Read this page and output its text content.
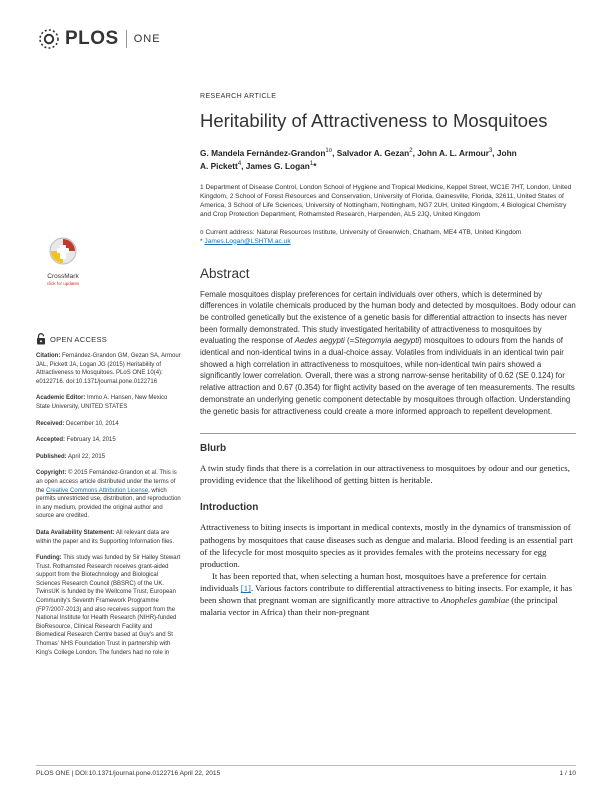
PLOS ONE
CrossMark
click for updates
OPEN ACCESS

Citation: Fernández-Grandon GM, Gezan SA, Armour JAL, Pickett JA, Logan JG (2015) Heritability of Attractiveness to Mosquitoes. PLoS ONE 10(4): e0122716. doi:10.1371/journal.pone.0122716

Academic Editor: Immo A. Hansen, New Mexico State University, UNITED STATES

Received: December 10, 2014

Accepted: February 14, 2015

Published: April 22, 2015

Copyright: © 2015 Fernández-Grandon et al. This is an open access article distributed under the terms of the Creative Commons Attribution License, which permits unrestricted use, distribution, and reproduction in any medium, provided the original author and source are credited.

Data Availability Statement: All relevant data are within the paper and its Supporting Information files.

Funding: This study was funded by Sir Halley Stewart Trust. Rothamsted Research receives grant-aided support from the Biotechnology and Biological Sciences Research Council (BBSRC) of the UK. TwinsUK is funded by the Wellcome Trust, European Community's Seventh Framework Programme (FP7/2007-2013) and also receives support from the National Institute for Health Research (NIHR)-funded BioResource, Clinical Research Facility and Biomedical Research Centre based at Guy's and St Thomas' NHS Foundation Trust in partnership with King's College London. The funders had no role in

RESEARCH ARTICLE
Heritability of Attractiveness to Mosquitoes
G. Mandela Fernández-Grandon$^{1¤}$, Salvador A. Gezan$^2$, John A. L. Armour$^3$, John
A. Pickett$^4$, James G. Logan$^1$*
1 Department of Disease Control, London School of Hygiene and Tropical Medicine, Keppel Street, WC1E 7HT, London, United Kingdom, 2 School of Forest Resources and Conservation, University of Florida, Gainesville, Florida, 32611, United States of America, 3 School of Life Sciences, University of Nottingham, Nottingham, NG7 2UH, United Kingdom, 4 Biological Chemistry and Crop Protection Department, Rothamsted Research, Harpenden, AL5 2JQ, United Kingdom
¤ Current address: Natural Resources Institute, University of Greenwich, Chatham, ME4 4TB, United Kingdom
* James.Logan@LSHTM.ac.uk
Abstract
Female mosquitoes display preferences for certain individuals over others, which is determined by differences in volatile chemicals produced by the human body and detected by mosquitoes. Body odour can be controlled genetically but the existence of a genetic basis for differential attraction to insects has never been formally demonstrated. This study investigated heritability of attractiveness to mosquitoes by evaluating the response of Aedes aegypti (=Stegomyia aegypti) mosquitoes to odours from the hands of identical and non-identical twins in a dual-choice assay. Volatiles from individuals in an identical twin pair showed a high correlation in attractiveness to mosquitoes, while non-identical twin pairs showed a significantly lower correlation. Overall, there was a strong narrow-sense heritability of 0.62 (SE 0.124) for relative attraction and 0.67 (0.354) for flight activity based on the average of ten measurements. The results demonstrate an underlying genetic component detectable by mosquitoes through olfaction. Understanding the genetic basis for attractiveness could create a more informed approach to repellent development.
Blurb
A twin study finds that there is a correlation in our attractiveness to mosquitoes by odour and our genetics, providing evidence that the likelihood of getting bitten is heritable.
Introduction
Attractiveness to biting insects is important in medical contexts, mostly in the dynamics of transmission of pathogens by mosquitoes that cause diseases such as dengue and malaria. Blood feeding is an essential part of the lifecycle for most mosquito species as it provides females with the proteins necessary for egg production.
It has been reported that, when selecting a human host, mosquitoes have a preference for certain individuals [1]. Various factors contribute to differential attractiveness to biting insects. For example, it has been shown that pregnant woman are significantly more attractive to Anopheles gambiae (the principal malaria vector in Africa) than their non-pregnant
PLOS ONE | DOI:10.1371/journal.pone.0122716 April 22, 2015	1 / 10
